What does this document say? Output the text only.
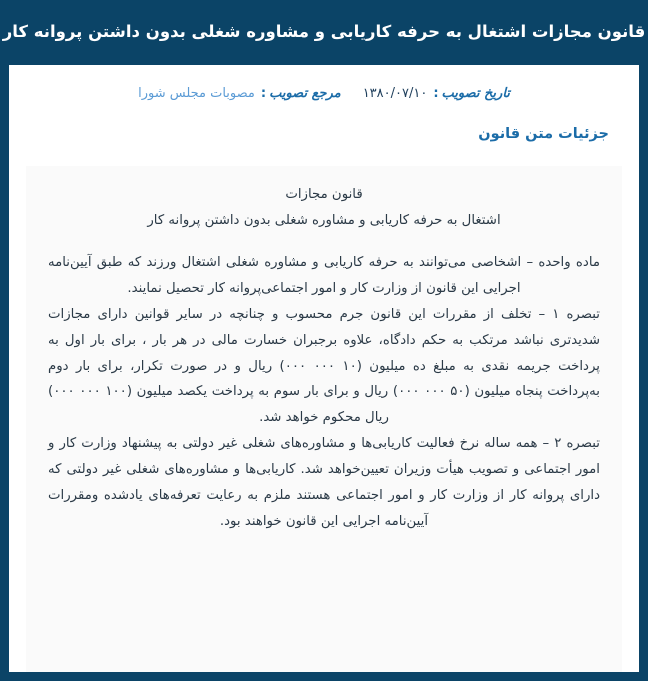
قانون مجازات اشتغال به حرفه کاریابی و مشاوره شغلی بدون داشتن پروانه کار
تاریخ تصویب
:
۱۳۸۰/۰۷/۱۰
مرجع تصویب
:
مصوبات مجلس شورا
جزئیات متن قانون

قانون مجازات

اشتغال به حرفه کاریابی و مشاوره شغلی بدون داشتن پروانه کار

ماده واحده – اشخاصی می‌توانند به حرفه کاریابی و مشاوره شغلی اشتغال ورزند که طبق آیین‌نامه اجرایی این قانون از وزارت کار و امور اجتماعی‌پروانه کار تحصیل نمایند.

تبصره ۱ – تخلف از مقررات این قانون جرم محسوب و چنانچه در سایر قوانین دارای مجازات شدیدتری نباشد مرتکب به حکم دادگاه، علاوه برجبران خسارت مالی در هر بار ، برای بار اول به پرداخت جریمه نقدی به مبلغ ده میلیون (۱۰ ۰۰۰ ۰۰۰) ریال و در صورت تکرار، برای بار دوم به‌پرداخت پنجاه میلیون (۵۰ ۰۰۰ ۰۰۰) ریال و برای بار سوم به پرداخت یکصد میلیون (۱۰۰ ۰۰۰ ۰۰۰) ریال محکوم خواهد شد.

تبصره ۲ – همه ساله نرخ فعالیت کاریابی‌ها و مشاوره‌های شغلی غیر دولتی به پیشنهاد وزارت کار و امور اجتماعی و تصویب هیأت وزیران تعیین‌خواهد شد. کاریابی‌ها و مشاوره‌های شغلی غیر دولتی که دارای پروانه کار از وزارت کار و امور اجتماعی هستند ملزم به رعایت تعرفه‌های یادشده ومقررات آیین‌نامه اجرایی این قانون خواهند بود.
